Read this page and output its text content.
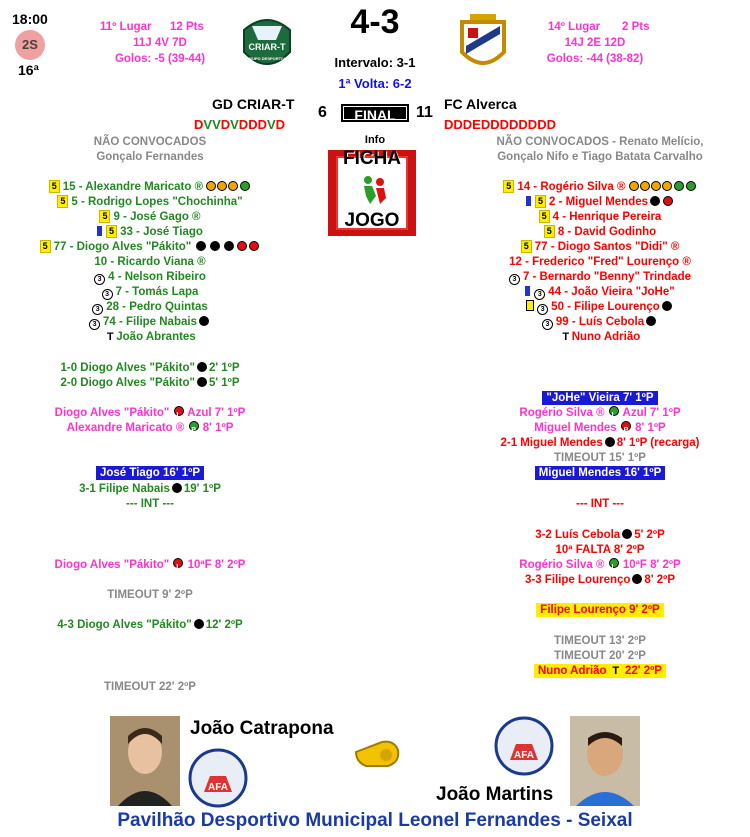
18:00
2S
16ª
11º Lugar 12 Pts
11J 4V 7D
Golos: -5 (39-44)
14º Lugar 2 Pts
14J 2E 12D
Golos: -44 (38-82)
CRIAR-T
GRUPO DESPORTIVO
4-3
Intervalo: 3-1
1ª Volta: 6-2
GD CRIAR-T 6	FINAL	11 FC Alverca
DVVDVDDDVD	DDDEDDDDDDDD
Info
FICHA
JOGO
NÃO CONVOCADOS
Gonçalo Fernandes
NÃO CONVOCADOS - Renato Melício,
Gonçalo Nifo e Tiago Batata Carvalho
5 15 - Alexandre Maricato ®
5 5 - Rodrigo Lopes "Chochinha"
5 9 - José Gago ®
5 33 - José Tiago
5 77 - Diogo Alves "Pákito"
10 - Ricardo Viana ®
3 4 - Nelson Ribeiro
3 7 - Tomás Lapa
3 28 - Pedro Quintas
3 74 - Filipe Nabais
T João Abrantes
5 14 - Rogério Silva ®
5 2 - Miguel Mendes
5 4 - Henrique Pereira
5 8 - David Godinho
5 77 - Diogo Santos "Didi" ®
12 - Frederico "Fred" Lourenço ®
3 7 - Bernardo "Benny" Trindade
3 44 - João Vieira "JoHe"
3 50 - Filipe Lourenço
3 99 - Luís Cebola
T Nuno Adrião
1-0 Diogo Alves "Pákito" 2' 1ºP
2-0 Diogo Alves "Pákito" 5' 1ºP
Diogo Alves "Pákito" L Azul 7' 1ºP
Alexandre Maricato ® P 8' 1ºP
José Tiago 16' 1ºP
3-1 Filipe Nabais 19' 1ºP
--- INT ---
Diogo Alves "Pákito" L 10ªF 8' 2ºP
TIMEOUT 9' 2ºP
4-3 Diogo Alves "Pákito" 12' 2ºP
TIMEOUT 22' 2ºP
"JoHe" Vieira 7' 1ºP
Rogério Silva ® L Azul 7' 1ºP
Miguel Mendes P 8' 1ºP
2-1 Miguel Mendes 8' 1ºP (recarga)
TIMEOUT 15' 1ºP
Miguel Mendes 16' 1ºP
--- INT ---
3-2 Luís Cebola 5' 2ºP
10ª FALTA 8' 2ºP
Rogério Silva ® L 10ªF 8' 2ºP
3-3 Filipe Lourenço 8' 2ºP
Filipe Lourenço 9' 2ºP
TIMEOUT 13' 2ºP
TIMEOUT 20' 2ºP
Nuno Adrião T 22' 2ºP
AFA
João Catrapona
AFA
João Martins
Pavilhão Desportivo Municipal Leonel Fernandes - Seixal
